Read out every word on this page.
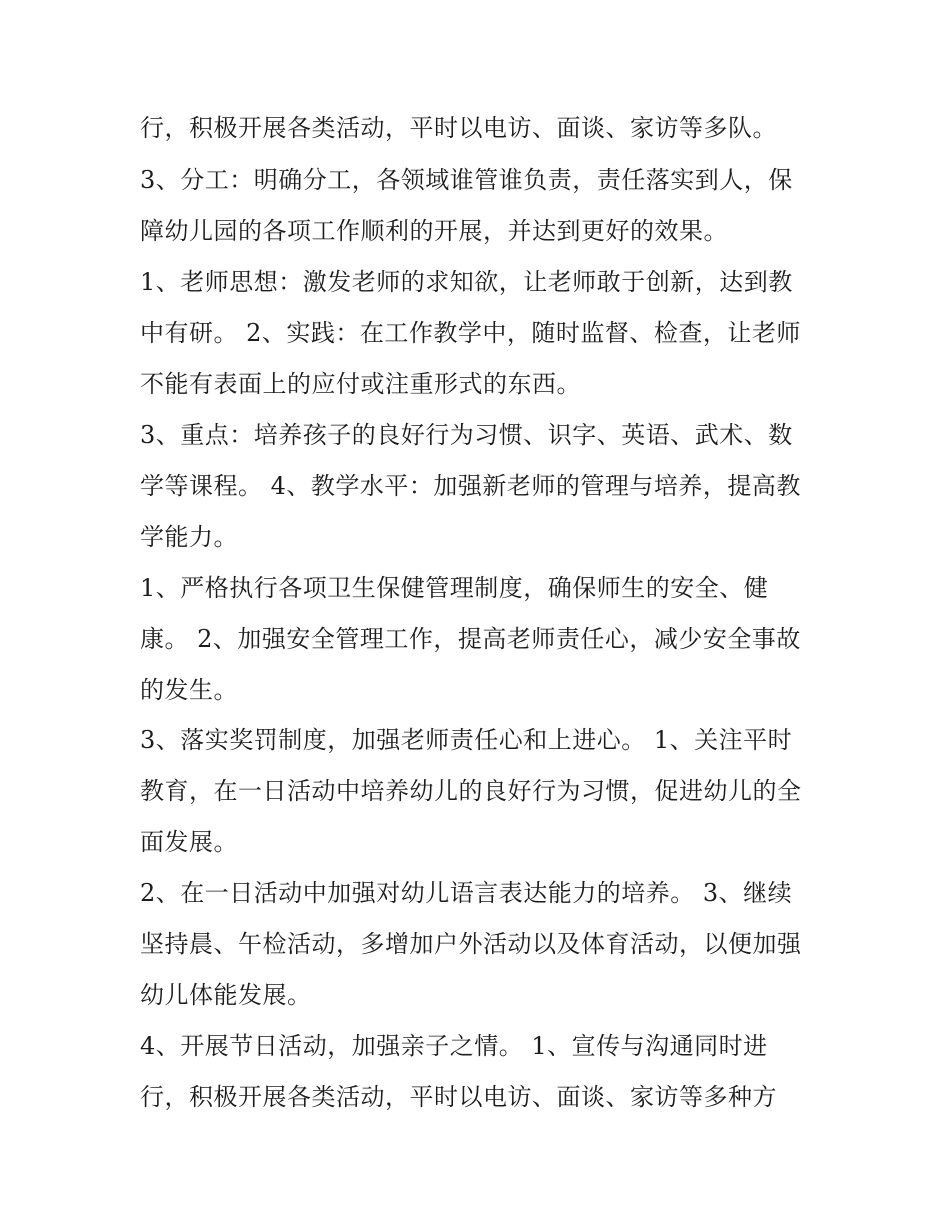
行，积极开展各类活动，平时以电访、面谈、家访等多队。
3、分工：明确分工，各领域谁管谁负责，责任落实到人，保
障幼儿园的各项工作顺利的开展，并达到更好的效果。
1、老师思想：激发老师的求知欲，让老师敢于创新，达到教
中有研。 2、实践：在工作教学中，随时监督、检查，让老师
不能有表面上的应付或注重形式的东西。
3、重点：培养孩子的良好行为习惯、识字、英语、武术、数
学等课程。 4、教学水平：加强新老师的管理与培养，提高教
学能力。
1、严格执行各项卫生保健管理制度，确保师生的安全、健
康。 2、加强安全管理工作，提高老师责任心，减少安全事故
的发生。
3、落实奖罚制度，加强老师责任心和上进心。 1、关注平时
教育，在一日活动中培养幼儿的良好行为习惯，促进幼儿的全
面发展。
2、在一日活动中加强对幼儿语言表达能力的培养。 3、继续
坚持晨、午检活动，多增加户外活动以及体育活动，以便加强
幼儿体能发展。
4、开展节日活动，加强亲子之情。 1、宣传与沟通同时进
行，积极开展各类活动，平时以电访、面谈、家访等多种方
